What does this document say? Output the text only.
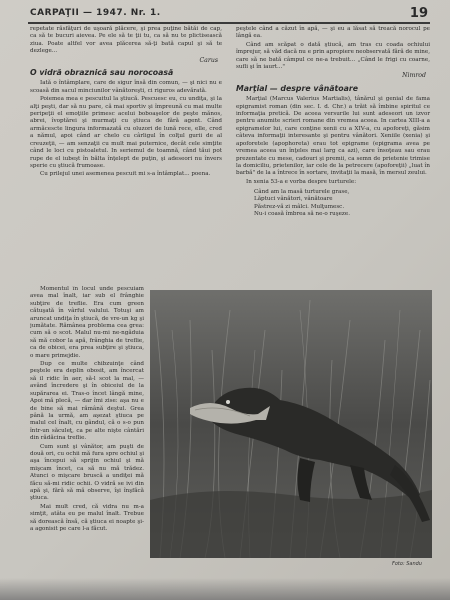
CARPAŢII — 1947. Nr. 1.	19

repetate răsfăţuri de uşoară plăcere, şi prea puţine bătăi de cap, ca să te bucuri aievea. Pe ele să te ţii tu, ca să nu te plictisească ziua. Poate altfel vor avea plăcerea să-ţi bată capul şi să te dezlege...

Carus
O vidră obraznică sau norocoasă

Iată o întâmplare, care de sigur însă din comun, — şi nici nu e scoasă din sacul minciunilor vânătoreşti, ci riguros adevărată.

Poiemea mea e pescuitul la ştiucă. Pescuesc eu, cu undiţa, şi la alţi peşti, dar să nu pare, că mai sportiv şi împreună cu mai multe peripeţii el emoţiile primesc acelui boboaşelor de peşte mănos, abrei, îvoptărei şi murmaţi cu ştiuca de fără agent. Când armăcescte lingura informazată cu oluzori de lună rece, elle, cred a nămul, apoi când ar chelo cu cârligul în colţul gurii de al creuzeţii, — am senzaţii cu mult mai puternice, decât cele simţite când le loci cu pistoaletul. In seriemul de toamnă, când tăui pot rupe de el iubeşt în bălta înţelept de puţin, şi adeseori nu învers sperie cu ştiucă frumoase.

Cu prilejul unei asemenea pescuit mi s-a întâmplat... poena.

Momentul în locul unde pescuiam avea mal înalt, iar sub el frânghie subţire de treflie. Era cum green cătuşată în vârful valului. Totuşi am aruncat undiţa în ştiucă, de vre-un kg şi jumătate. Rămânea problema cea grea: cum să o scot. Malul nu-mi ne-ngăduia să mă cobor la apă, frânghia de treflie, ca de obicei, era prea subţire şi ştiuca, o mare primejdie.

Dup ce multe chibzuinţe când peştele era deplin obosit, am încercat să il ridic în aer, să-l scot la mal, — având încredere şi în obiceiul de la supărarea ei. Tras-o încet lângă mine, Apoi mă plecă, — dar îmi zise: aşa nu e de bine să mai rămână deştul. Grea până la urmă, am aşezat ştiuca pe malul cel înalt, cu gândul, că o s-o pun într-un săculeţ, ca pe alte nişte cântări din rădăcina treflie.

Cum sunt şi vânător, am puşti de două ori, cu ochii mă fura spre ochiul şi aşa începui să sprijin ochiul şi mă mişcam încet, ca să nu mă trădez. Atunci o mişcare bruscă a undiţei mă făcu să-mi ridic ochii. O vidră se ivi din apă şi, fără să mă observe, îşi înşfăcă ştiuca.

Mai mult cred, că vidra nu m-a simţit, atâta eu pe malul înalt. Trebue să dorească însă, că ştiuca ei noapte şi-a agonisit pe care l-a făcut.

peştele când a căzut în apă, — şi eu a lăsat să treacă norocul pe lângă ea.

Când am scăpat o dată ştiucă, am tras cu coada ochiului împrejur, să văd dacă nu e prin apropiere neobservată fără de mine, care să ne bată câmpul ce ne-a trebuit... „Când le frigi cu coarne, sufli şi în iaurt..."

Nimrod
Marţial — despre vânătoare

Marţial (Marcus Valerius Martialis), tânărul şi genial de fama epigramist roman (din sec. I. d. Chr.) a trăit să îmbine spiritul ce informaţia pretică. De aceea versurile lui sunt adeseori un izvor pentru anumite scrieri romane din vremea aceea. In cartea XIII-a a epigramelor lui, care conţine xenii cu a XIV-a, cu apoforeţi, găsim câteva informaţii interesante şi pentru vânători. Xeniile (xenia) şi apoforetele (apophoreta) erau tot epigrame (epigrama avea pe vremea aceea un înţeles mai larg ca azi), care însoţeau sau erau prezentate cu mese, cadouri şi premii, ca semn de prietenie trimise la domiciliu, prietenilor, iar cele de la petrecere (apoforeţii) „luat în barbă" de la a întrece în sortare, invitaţii la masă, în mersul zeului.

In xenia 53-a e vorba despre turturele:

Când am la masă turturele grase,
Lăptuci vânători, vânătoare
Păstrez-vă zi mâlci. Mulţumesc.
Nu-i coasă îmbrea să ne-o ruşeze.
Foto: Sandu
